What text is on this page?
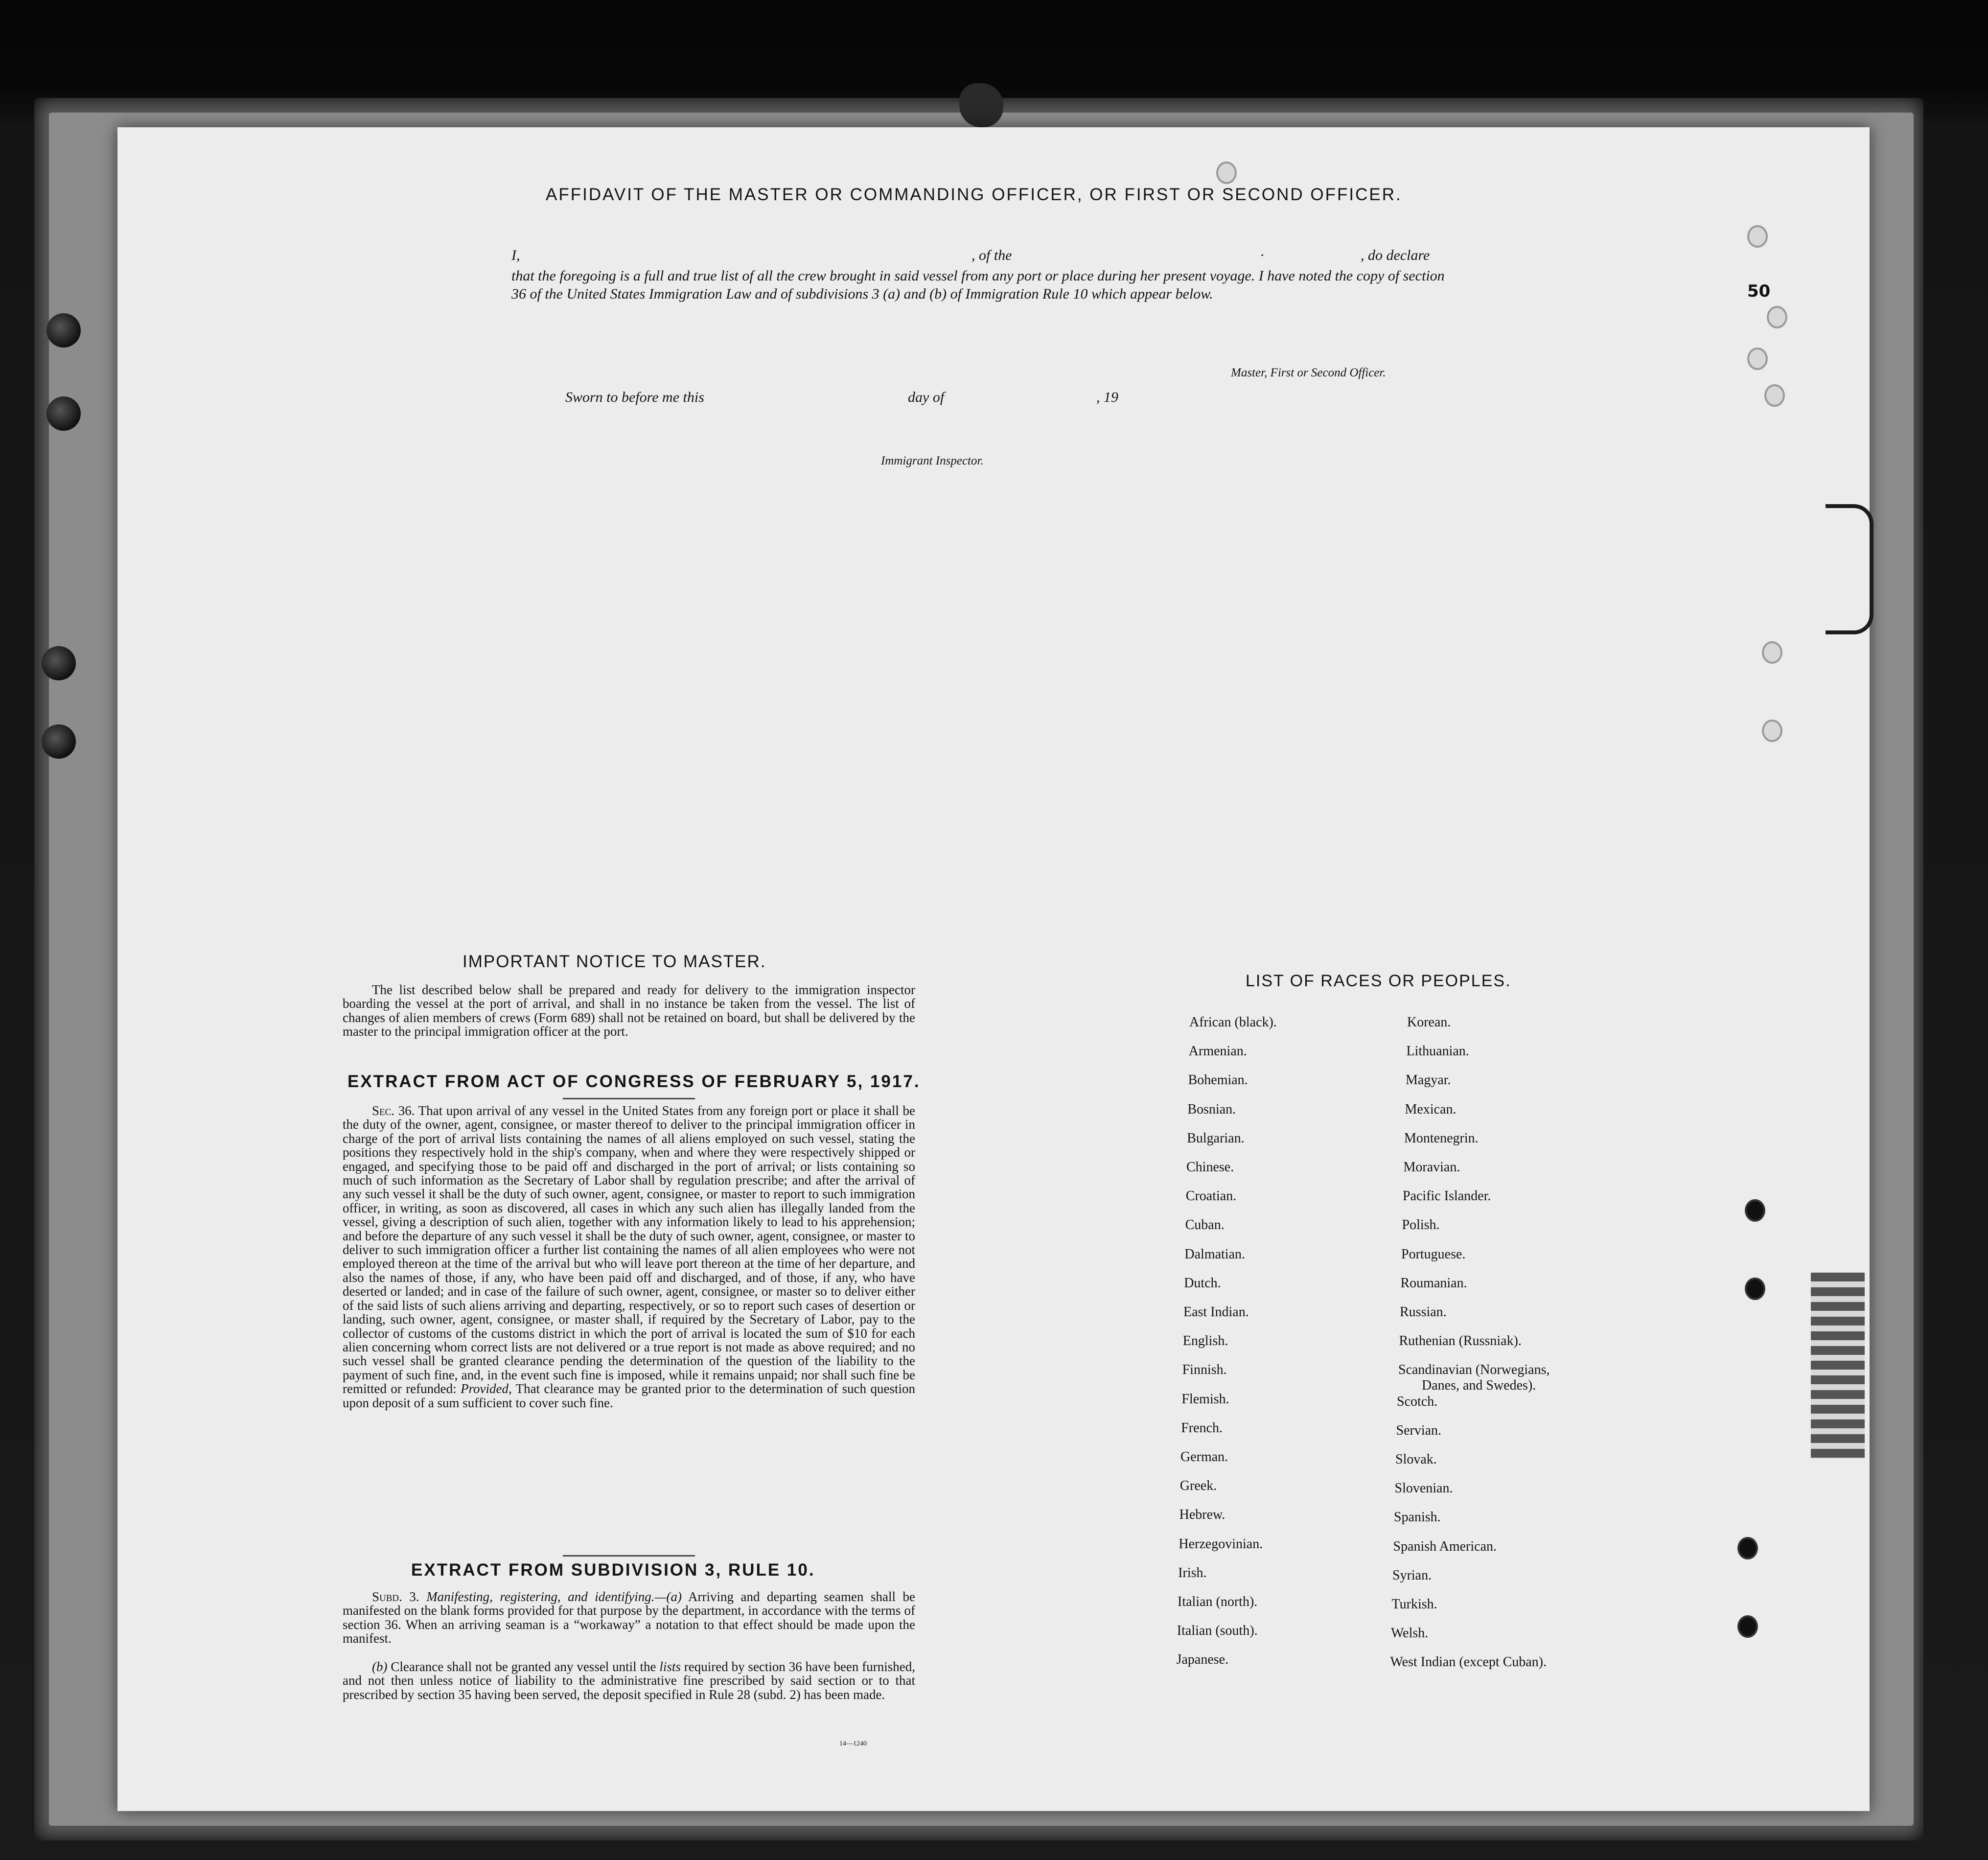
50
AFFIDAVIT OF THE MASTER OR COMMANDING OFFICER, OR FIRST OR SECOND OFFICER.
I,	, of the	·	, do declare
that the foregoing is a full and true list of all the crew brought in said vessel from any port or place during her present voyage. I have noted the copy of section 36 of the United States Immigration Law and of subdivisions 3 (a) and (b) of Immigration Rule 10 which appear below.
Master, First or Second Officer.
Sworn to before me this	day of	, 19
Immigrant Inspector.
IMPORTANT NOTICE TO MASTER.
The list described below shall be prepared and ready for delivery to the immigration inspector boarding the vessel at the port of arrival, and shall in no instance be taken from the vessel. The list of changes of alien members of crews (Form 689) shall not be retained on board, but shall be delivered by the master to the principal immigration officer at the port.
EXTRACT FROM ACT OF CONGRESS OF FEBRUARY 5, 1917.
Sec. 36. That upon arrival of any vessel in the United States from any foreign port or place it shall be the duty of the owner, agent, consignee, or master thereof to deliver to the principal immigration officer in charge of the port of arrival lists containing the names of all aliens employed on such vessel, stating the positions they respectively hold in the ship's company, when and where they were respectively shipped or engaged, and specifying those to be paid off and discharged in the port of arrival; or lists containing so much of such information as the Secretary of Labor shall by regulation prescribe; and after the arrival of any such vessel it shall be the duty of such owner, agent, consignee, or master to report to such immigration officer, in writing, as soon as discovered, all cases in which any such alien has illegally landed from the vessel, giving a description of such alien, together with any information likely to lead to his apprehension; and before the departure of any such vessel it shall be the duty of such owner, agent, consignee, or master to deliver to such immigration officer a further list containing the names of all alien employees who were not employed thereon at the time of the arrival but who will leave port thereon at the time of her departure, and also the names of those, if any, who have been paid off and discharged, and of those, if any, who have deserted or landed; and in case of the failure of such owner, agent, consignee, or master so to deliver either of the said lists of such aliens arriving and departing, respectively, or so to report such cases of desertion or landing, such owner, agent, consignee, or master shall, if required by the Secretary of Labor, pay to the collector of customs of the customs district in which the port of arrival is located the sum of $10 for each alien concerning whom correct lists are not delivered or a true report is not made as above required; and no such vessel shall be granted clearance pending the determination of the question of the liability to the payment of such fine, and, in the event such fine is imposed, while it remains unpaid; nor shall such fine be remitted or refunded: Provided, That clearance may be granted prior to the determination of such question upon deposit of a sum sufficient to cover such fine.
EXTRACT FROM SUBDIVISION 3, RULE 10.
Subd. 3. Manifesting, registering, and identifying.—(a) Arriving and departing seamen shall be manifested on the blank forms provided for that purpose by the department, in accordance with the terms of section 36. When an arriving seaman is a “workaway” a notation to that effect should be made upon the manifest.
(b) Clearance shall not be granted any vessel until the lists required by section 36 have been furnished, and not then unless notice of liability to the administrative fine prescribed by said section or to that prescribed by section 35 having been served, the deposit specified in Rule 28 (subd. 2) has been made.
14—1240
LIST OF RACES OR PEOPLES.
African (black).
Armenian.
Bohemian.
Bosnian.
Bulgarian.
Chinese.
Croatian.
Cuban.
Dalmatian.
Dutch.
East Indian.
English.
Finnish.
Flemish.
French.
German.
Greek.
Hebrew.
Herzegovinian.
Irish.
Italian (north).
Italian (south).
Japanese.
Korean.
Lithuanian.
Magyar.
Mexican.
Montenegrin.
Moravian.
Pacific Islander.
Polish.
Portuguese.
Roumanian.
Russian.
Ruthenian (Russniak).
Scandinavian (Norwegians,
Danes, and Swedes).
Scotch.
Servian.
Slovak.
Slovenian.
Spanish.
Spanish American.
Syrian.
Turkish.
Welsh.
West Indian (except Cuban).
